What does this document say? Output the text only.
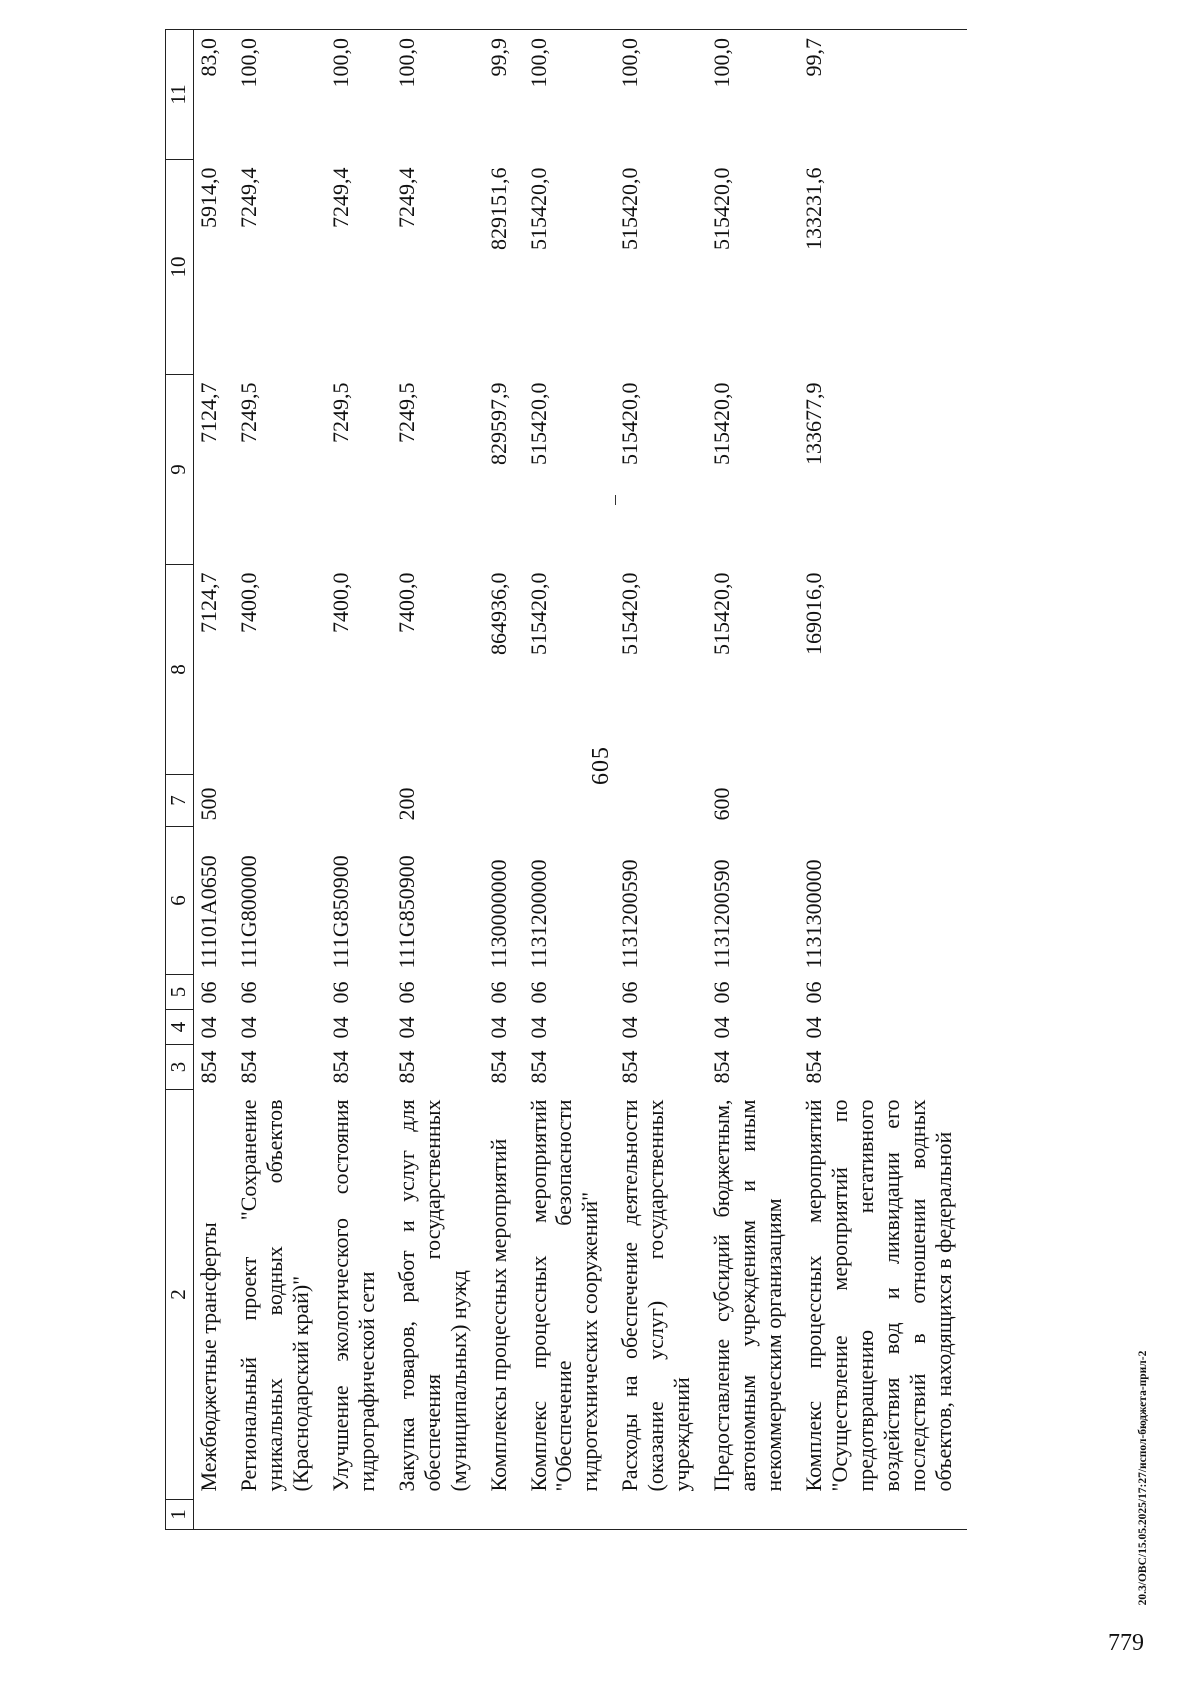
605
1	2	3	4	5	6	7	8	9	10	11
	Межбюджетные трансферты	854	04	06	11101A0650	500	7124,7	7124,7	5914,0	83,0
	Региональный проект "Сохранение уникальных водных объектов (Краснодарский край)"	854	04	06	111G800000		7400,0	7249,5	7249,4	100,0
	Улучшение экологического состояния гидрографической сети	854	04	06	111G850900		7400,0	7249,5	7249,4	100,0
	Закупка товаров, работ и услуг для обеспечения государственных (муниципальных) нужд	854	04	06	111G850900	200	7400,0	7249,5	7249,4	100,0
	Комплексы процессных мероприятий	854	04	06	1130000000		864936,0	829597,9	829151,6	99,9
	Комплекс процессных мероприятий "Обеспечение безопасности гидротехнических сооружений"	854	04	06	1131200000		515420,0	515420,0	515420,0	100,0
	Расходы на обеспечение деятельности (оказание услуг) государственных учреждений	854	04	06	1131200590		515420,0	515420,0	515420,0	100,0
	Предоставление субсидий бюджетным, автономным учреждениям и иным некоммерческим организациям	854	04	06	1131200590	600	515420,0	515420,0	515420,0	100,0
	Комплекс процессных мероприятий "Осуществление мероприятий по предотвращению негативного воздействия вод и ликвидации его последствий в отношении водных объектов, находящихся в федеральной	854	04	06	1131300000		169016,0	133677,9	133231,6	99,7
20.3/ОВС/15.05.2025/17:27/испол-бюджета-прил-2
779
